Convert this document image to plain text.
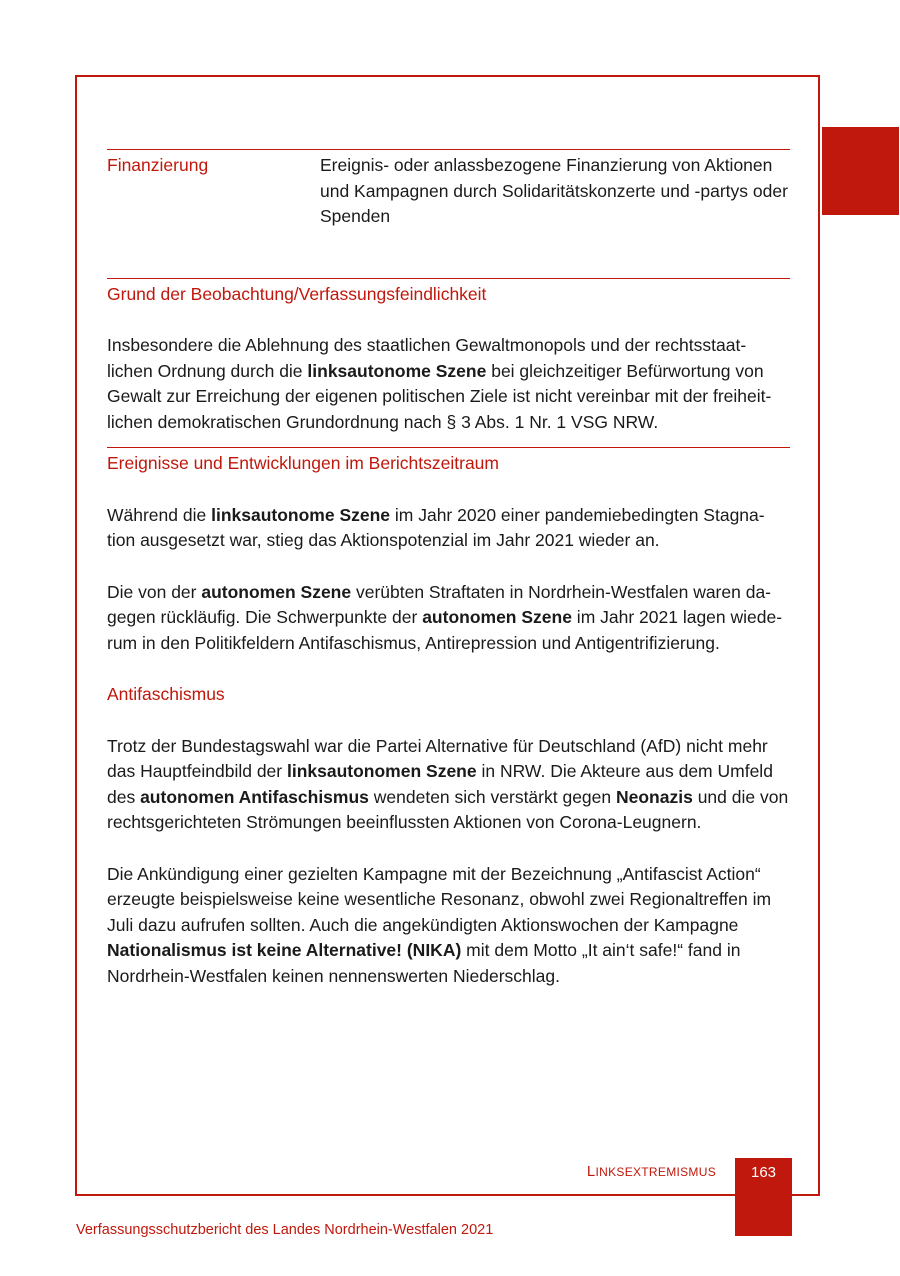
Finanzierung	Ereignis- oder anlassbezogene Finanzierung von Aktionen und Kampagnen durch Solidaritätskonzerte und -partys oder Spenden
Grund der Beobachtung/Verfassungsfeindlichkeit

Insbesondere die Ablehnung des staatlichen Gewaltmonopols und der rechtsstaat-lichen Ordnung durch die linksautonome Szene bei gleichzeitiger Befürwortung von Gewalt zur Erreichung der eigenen politischen Ziele ist nicht vereinbar mit der freiheit-lichen demokratischen Grundordnung nach § 3 Abs. 1 Nr. 1 VSG NRW.

Ereignisse und Entwicklungen im Berichtszeitraum

Während die linksautonome Szene im Jahr 2020 einer pandemiebedingten Stagna-tion ausgesetzt war, stieg das Aktionspotenzial im Jahr 2021 wieder an.

Die von der autonomen Szene verübten Straftaten in Nordrhein-Westfalen waren da-gegen rückläufig. Die Schwerpunkte der autonomen Szene im Jahr 2021 lagen wiede-rum in den Politikfeldern Antifaschismus, Antirepression und Antigentrifizierung.

Antifaschismus

Trotz der Bundestagswahl war die Partei Alternative für Deutschland (AfD) nicht mehr das Hauptfeindbild der linksautonomen Szene in NRW. Die Akteure aus dem Umfeld des autonomen Antifaschismus wendeten sich verstärkt gegen Neonazis und die von rechtsgerichteten Strömungen beeinflussten Aktionen von Corona-Leugnern.

Die Ankündigung einer gezielten Kampagne mit der Bezeichnung „Antifascist Action“ erzeugte beispielsweise keine wesentliche Resonanz, obwohl zwei Regionaltreffen im Juli dazu aufrufen sollten. Auch die angekündigten Aktionswochen der Kampagne Nationalismus ist keine Alternative! (NIKA) mit dem Motto „It ain‘t safe!“ fand in Nordrhein-Westfalen keinen nennenswerten Niederschlag.

LINKSEXTREMISMUS	163
Verfassungsschutzbericht des Landes Nordrhein-Westfalen 2021
